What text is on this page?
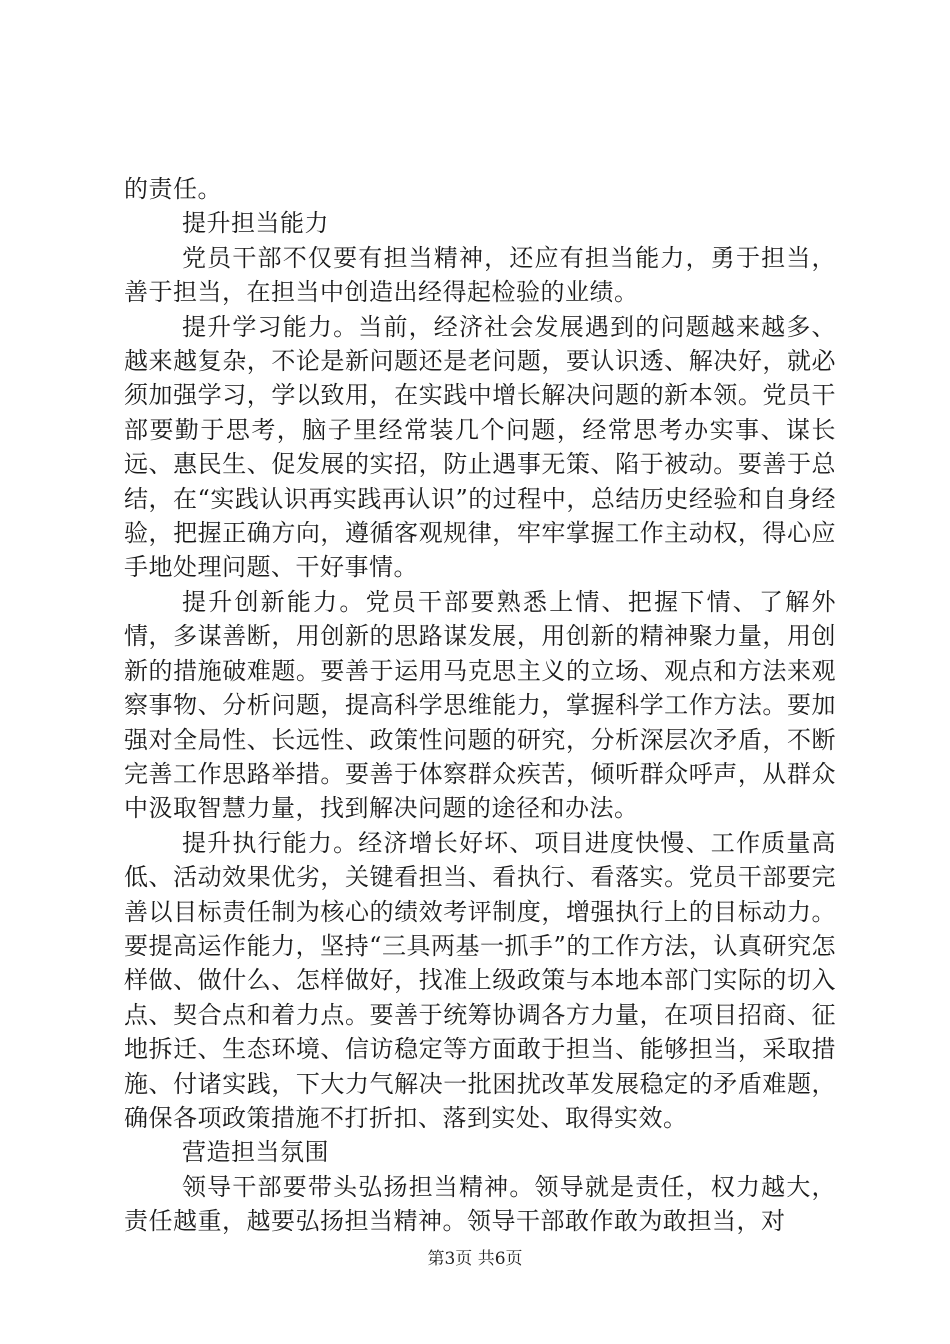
的责任。

提升担当能力

党员干部不仅要有担当精神，还应有担当能力，勇于担当，善于担当，在担当中创造出经得起检验的业绩。

提升学习能力。当前，经济社会发展遇到的问题越来越多、越来越复杂，不论是新问题还是老问题，要认识透、解决好，就必须加强学习，学以致用，在实践中增长解决问题的新本领。党员干部要勤于思考，脑子里经常装几个问题，经常思考办实事、谋长远、惠民生、促发展的实招，防止遇事无策、陷于被动。要善于总结，在“实践认识再实践再认识”的过程中，总结历史经验和自身经验，把握正确方向，遵循客观规律，牢牢掌握工作主动权，得心应手地处理问题、干好事情。

提升创新能力。党员干部要熟悉上情、把握下情、了解外情，多谋善断，用创新的思路谋发展，用创新的精神聚力量，用创新的措施破难题。要善于运用马克思主义的立场、观点和方法来观察事物、分析问题，提高科学思维能力，掌握科学工作方法。要加强对全局性、长远性、政策性问题的研究，分析深层次矛盾，不断完善工作思路举措。要善于体察群众疾苦，倾听群众呼声，从群众中汲取智慧力量，找到解决问题的途径和办法。

提升执行能力。经济增长好坏、项目进度快慢、工作质量高低、活动效果优劣，关键看担当、看执行、看落实。党员干部要完善以目标责任制为核心的绩效考评制度，增强执行上的目标动力。要提高运作能力，坚持“三具两基一抓手”的工作方法，认真研究怎样做、做什么、怎样做好，找准上级政策与本地本部门实际的切入点、契合点和着力点。要善于统筹协调各方力量，在项目招商、征地拆迁、生态环境、信访稳定等方面敢于担当、能够担当，采取措施、付诸实践，下大力气解决一批困扰改革发展稳定的矛盾难题，确保各项政策措施不打折扣、落到实处、取得实效。

营造担当氛围

领导干部要带头弘扬担当精神。领导就是责任，权力越大，责任越重，越要弘扬担当精神。领导干部敢作敢为敢担当，对

第3页 共6页
